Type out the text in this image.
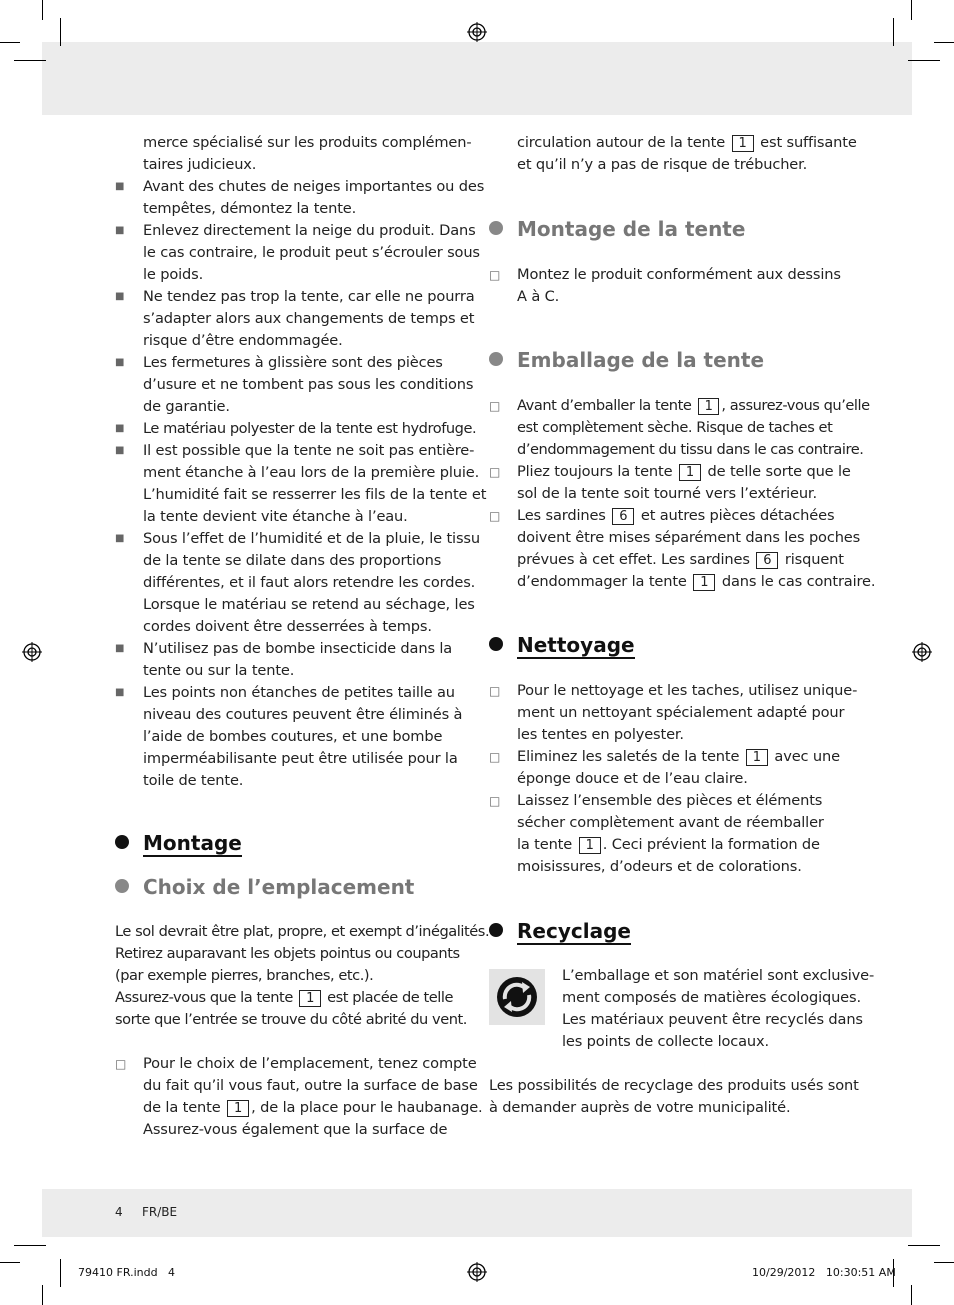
merce spécialisé sur les produits complémen-
taires judicieux.
■	Avant des chutes de neiges importantes ou des
tempêtes, démontez la tente.
■	Enlevez directement la neige du produit. Dans
le cas contraire, le produit peut s’écrouler sous
le poids.
■	Ne tendez pas trop la tente, car elle ne pourra
s’adapter alors aux changements de temps et
risque d’être endommagée.
■	Les fermetures à glissière sont des pièces
d’usure et ne tombent pas sous les conditions
de garantie.
■	Le matériau polyester de la tente est hydrofuge.
■	Il est possible que la tente ne soit pas entière-
ment étanche à l’eau lors de la première pluie.
L’humidité fait se resserrer les fils de la tente et
la tente devient vite étanche à l’eau.
■	Sous l’effet de l’humidité et de la pluie, le tissu
de la tente se dilate dans des proportions
différentes, et il faut alors retendre les cordes.
Lorsque le matériau se retend au séchage, les
cordes doivent être desserrées à temps.
■	N’utilisez pas de bombe insecticide dans la
tente ou sur la tente.
■	Les points non étanches de petites taille au
niveau des coutures peuvent être éliminés à
l’aide de bombes coutures, et une bombe
imperméabilisante peut être utilisée pour la
toile de tente.
Montage
Choix de l’emplacement
Le sol devrait être plat, propre, et exempt d’inégalités.
Retirez auparavant les objets pointus ou coupants
(par exemple pierres, branches, etc.).
Assurez-vous que la tente 1 est placée de telle
sorte que l’entrée se trouve du côté abrité du vent.
□	Pour le choix de l’emplacement, tenez compte
du fait qu’il vous faut, outre la surface de base
de la tente 1 , de la place pour le haubanage.
Assurez-vous également que la surface de
circulation autour de la tente 1 est suffisante
et qu’il n’y a pas de risque de trébucher.
Montage de la tente
□	Montez le produit conformément aux dessins
A à C.
Emballage de la tente
□	Avant d’emballer la tente 1 , assurez-vous qu’elle
est complètement sèche. Risque de taches et
d’endommagement du tissu dans le cas contraire.
□	Pliez toujours la tente 1 de telle sorte que le
sol de la tente soit tourné vers l’extérieur.
□	Les sardines 6 et autres pièces détachées
doivent être mises séparément dans les poches
prévues à cet effet. Les sardines 6 risquent
d’endommager la tente 1 dans le cas contraire.
Nettoyage
□	Pour le nettoyage et les taches, utilisez unique-
ment un nettoyant spécialement adapté pour
les tentes en polyester.
□	Eliminez les saletés de la tente 1 avec une
éponge douce et de l’eau claire.
□	Laissez l’ensemble des pièces et éléments
sécher complètement avant de réemballer
la tente 1 . Ceci prévient la formation de
moisissures, d’odeurs et de colorations.
Recyclage
L’emballage et son matériel sont exclusive-
ment composés de matières écologiques.
Les matériaux peuvent être recyclés dans
les points de collecte locaux.
Les possibilités de recyclage des produits usés sont
à demander auprès de votre municipalité.
4 FR/BE
79410 FR.indd   4	10/29/2012   10:30:51 AM
